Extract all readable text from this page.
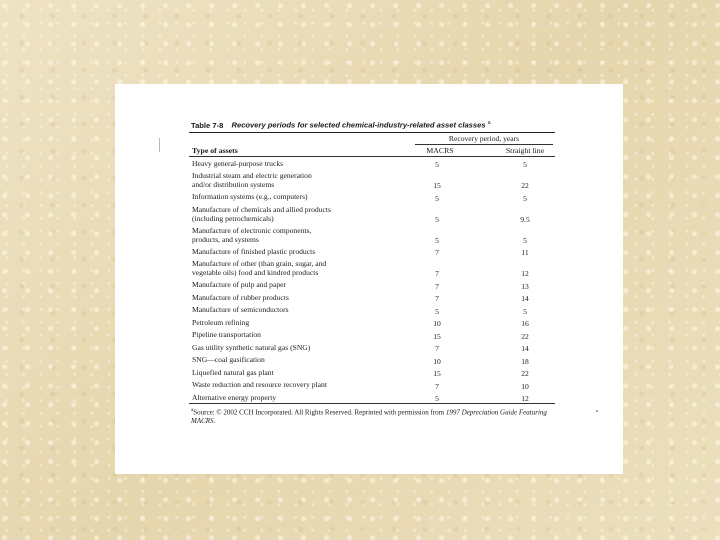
Table 7-8 Recovery periods for selected chemical-industry-related asset classes $^a$
Recovery period, years
Type of assets	MACRS	Straight line
Heavy general-purpose trucks	5	5
Industrial steam and electric generation
and/or distribution systems	15	22
Information systems (e.g., computers)	5	5
Manufacture of chemicals and allied products
(including petrochemicals)	5	9.5
Manufacture of electronic components,
products, and systems	5	5
Manufacture of finished plastic products	7	11
Manufacture of other (than grain, sugar, and
vegetable oils) food and kindred products	7	12
Manufacture of pulp and paper	7	13
Manufacture of rubber products	7	14
Manufacture of semiconductors	5	5
Petroleum refining	10	16
Pipeline transportation	15	22
Gas utility synthetic natural gas (SNG)	7	14
SNG—coal gasification	10	18
Liquefied natural gas plant	15	22
Waste reduction and resource recovery plant	7	10
Alternative energy property	5	12
$^a$Source: © 2002 CCH Incorporated. All Rights Reserved. Reprinted with permission from 1997 Depreciation Guide Featuring MACRS.
